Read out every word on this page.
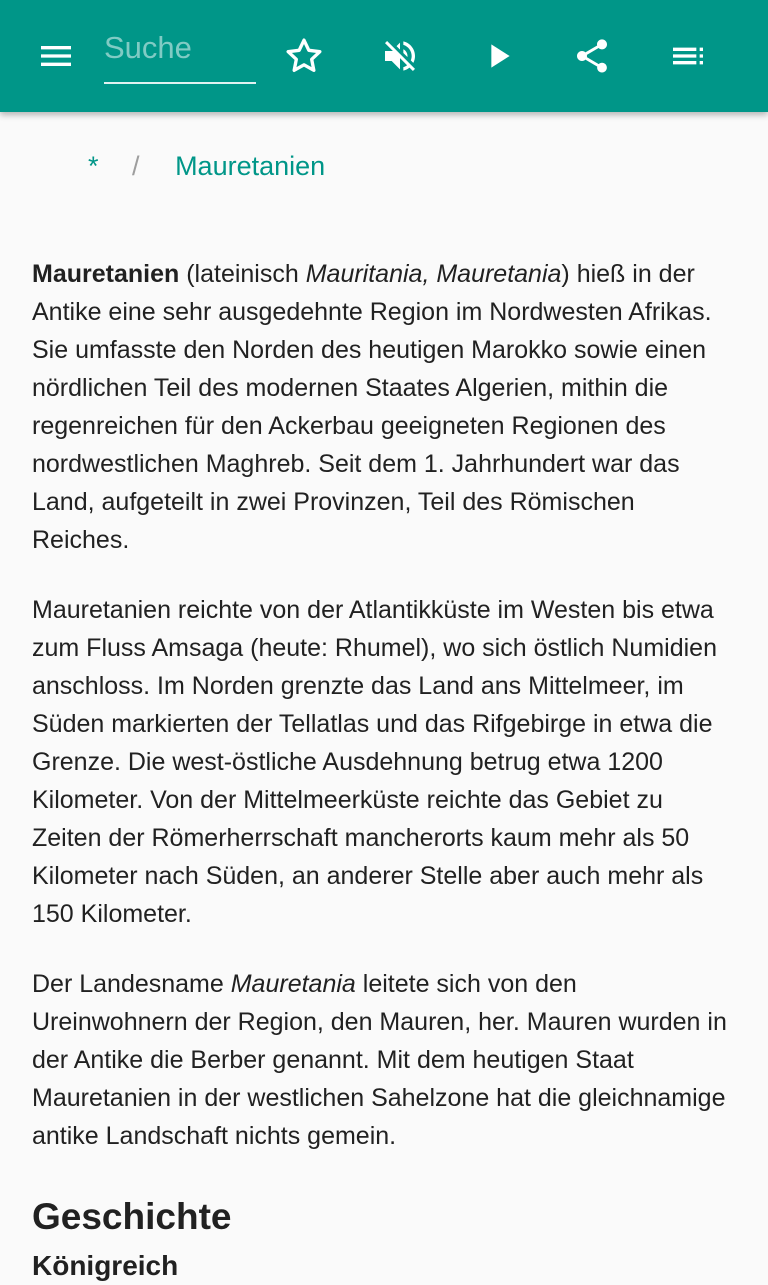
Suche
* / Mauretanien

Mauretanien (lateinisch Mauritania, Mauretania) hieß in der Antike eine sehr ausgedehnte Region im Nordwesten Afrikas. Sie umfasste den Norden des heutigen Marokko sowie einen nördlichen Teil des modernen Staates Algerien, mithin die regenreichen für den Ackerbau geeigneten Regionen des nordwestlichen Maghreb. Seit dem 1. Jahrhundert war das Land, aufgeteilt in zwei Provinzen, Teil des Römischen Reiches.

Mauretanien reichte von der Atlantikküste im Westen bis etwa zum Fluss Amsaga (heute: Rhumel), wo sich östlich Numidien anschloss. Im Norden grenzte das Land ans Mittelmeer, im Süden markierten der Tellatlas und das Rifgebirge in etwa die Grenze. Die west-östliche Ausdehnung betrug etwa 1200 Kilometer. Von der Mittelmeerküste reichte das Gebiet zu Zeiten der Römerherrschaft mancherorts kaum mehr als 50 Kilometer nach Süden, an anderer Stelle aber auch mehr als 150 Kilometer.

Der Landesname Mauretania leitete sich von den Ureinwohnern der Region, den Mauren, her. Mauren wurden in der Antike die Berber genannt. Mit dem heutigen Staat Mauretanien in der westlichen Sahelzone hat die gleichnamige antike Landschaft nichts gemein.

Geschichte
Königreich
